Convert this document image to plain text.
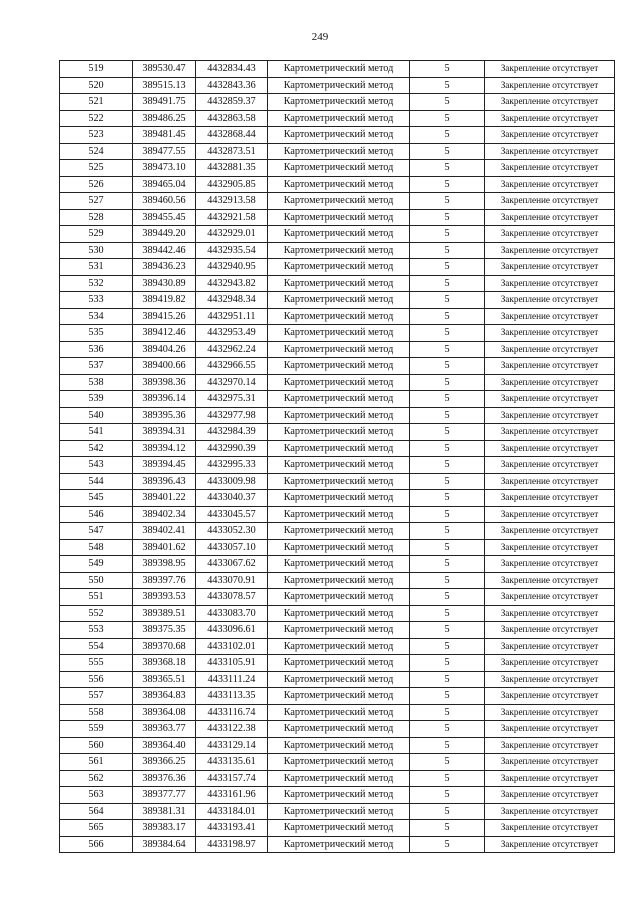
249
519	389530.47	4432834.43	Картометрический метод	5	Закрепление отсутствует
520	389515.13	4432843.36	Картометрический метод	5	Закрепление отсутствует
521	389491.75	4432859.37	Картометрический метод	5	Закрепление отсутствует
522	389486.25	4432863.58	Картометрический метод	5	Закрепление отсутствует
523	389481.45	4432868.44	Картометрический метод	5	Закрепление отсутствует
524	389477.55	4432873.51	Картометрический метод	5	Закрепление отсутствует
525	389473.10	4432881.35	Картометрический метод	5	Закрепление отсутствует
526	389465.04	4432905.85	Картометрический метод	5	Закрепление отсутствует
527	389460.56	4432913.58	Картометрический метод	5	Закрепление отсутствует
528	389455.45	4432921.58	Картометрический метод	5	Закрепление отсутствует
529	389449.20	4432929.01	Картометрический метод	5	Закрепление отсутствует
530	389442.46	4432935.54	Картометрический метод	5	Закрепление отсутствует
531	389436.23	4432940.95	Картометрический метод	5	Закрепление отсутствует
532	389430.89	4432943.82	Картометрический метод	5	Закрепление отсутствует
533	389419.82	4432948.34	Картометрический метод	5	Закрепление отсутствует
534	389415.26	4432951.11	Картометрический метод	5	Закрепление отсутствует
535	389412.46	4432953.49	Картометрический метод	5	Закрепление отсутствует
536	389404.26	4432962.24	Картометрический метод	5	Закрепление отсутствует
537	389400.66	4432966.55	Картометрический метод	5	Закрепление отсутствует
538	389398.36	4432970.14	Картометрический метод	5	Закрепление отсутствует
539	389396.14	4432975.31	Картометрический метод	5	Закрепление отсутствует
540	389395.36	4432977.98	Картометрический метод	5	Закрепление отсутствует
541	389394.31	4432984.39	Картометрический метод	5	Закрепление отсутствует
542	389394.12	4432990.39	Картометрический метод	5	Закрепление отсутствует
543	389394.45	4432995.33	Картометрический метод	5	Закрепление отсутствует
544	389396.43	4433009.98	Картометрический метод	5	Закрепление отсутствует
545	389401.22	4433040.37	Картометрический метод	5	Закрепление отсутствует
546	389402.34	4433045.57	Картометрический метод	5	Закрепление отсутствует
547	389402.41	4433052.30	Картометрический метод	5	Закрепление отсутствует
548	389401.62	4433057.10	Картометрический метод	5	Закрепление отсутствует
549	389398.95	4433067.62	Картометрический метод	5	Закрепление отсутствует
550	389397.76	4433070.91	Картометрический метод	5	Закрепление отсутствует
551	389393.53	4433078.57	Картометрический метод	5	Закрепление отсутствует
552	389389.51	4433083.70	Картометрический метод	5	Закрепление отсутствует
553	389375.35	4433096.61	Картометрический метод	5	Закрепление отсутствует
554	389370.68	4433102.01	Картометрический метод	5	Закрепление отсутствует
555	389368.18	4433105.91	Картометрический метод	5	Закрепление отсутствует
556	389365.51	4433111.24	Картометрический метод	5	Закрепление отсутствует
557	389364.83	4433113.35	Картометрический метод	5	Закрепление отсутствует
558	389364.08	4433116.74	Картометрический метод	5	Закрепление отсутствует
559	389363.77	4433122.38	Картометрический метод	5	Закрепление отсутствует
560	389364.40	4433129.14	Картометрический метод	5	Закрепление отсутствует
561	389366.25	4433135.61	Картометрический метод	5	Закрепление отсутствует
562	389376.36	4433157.74	Картометрический метод	5	Закрепление отсутствует
563	389377.77	4433161.96	Картометрический метод	5	Закрепление отсутствует
564	389381.31	4433184.01	Картометрический метод	5	Закрепление отсутствует
565	389383.17	4433193.41	Картометрический метод	5	Закрепление отсутствует
566	389384.64	4433198.97	Картометрический метод	5	Закрепление отсутствует
